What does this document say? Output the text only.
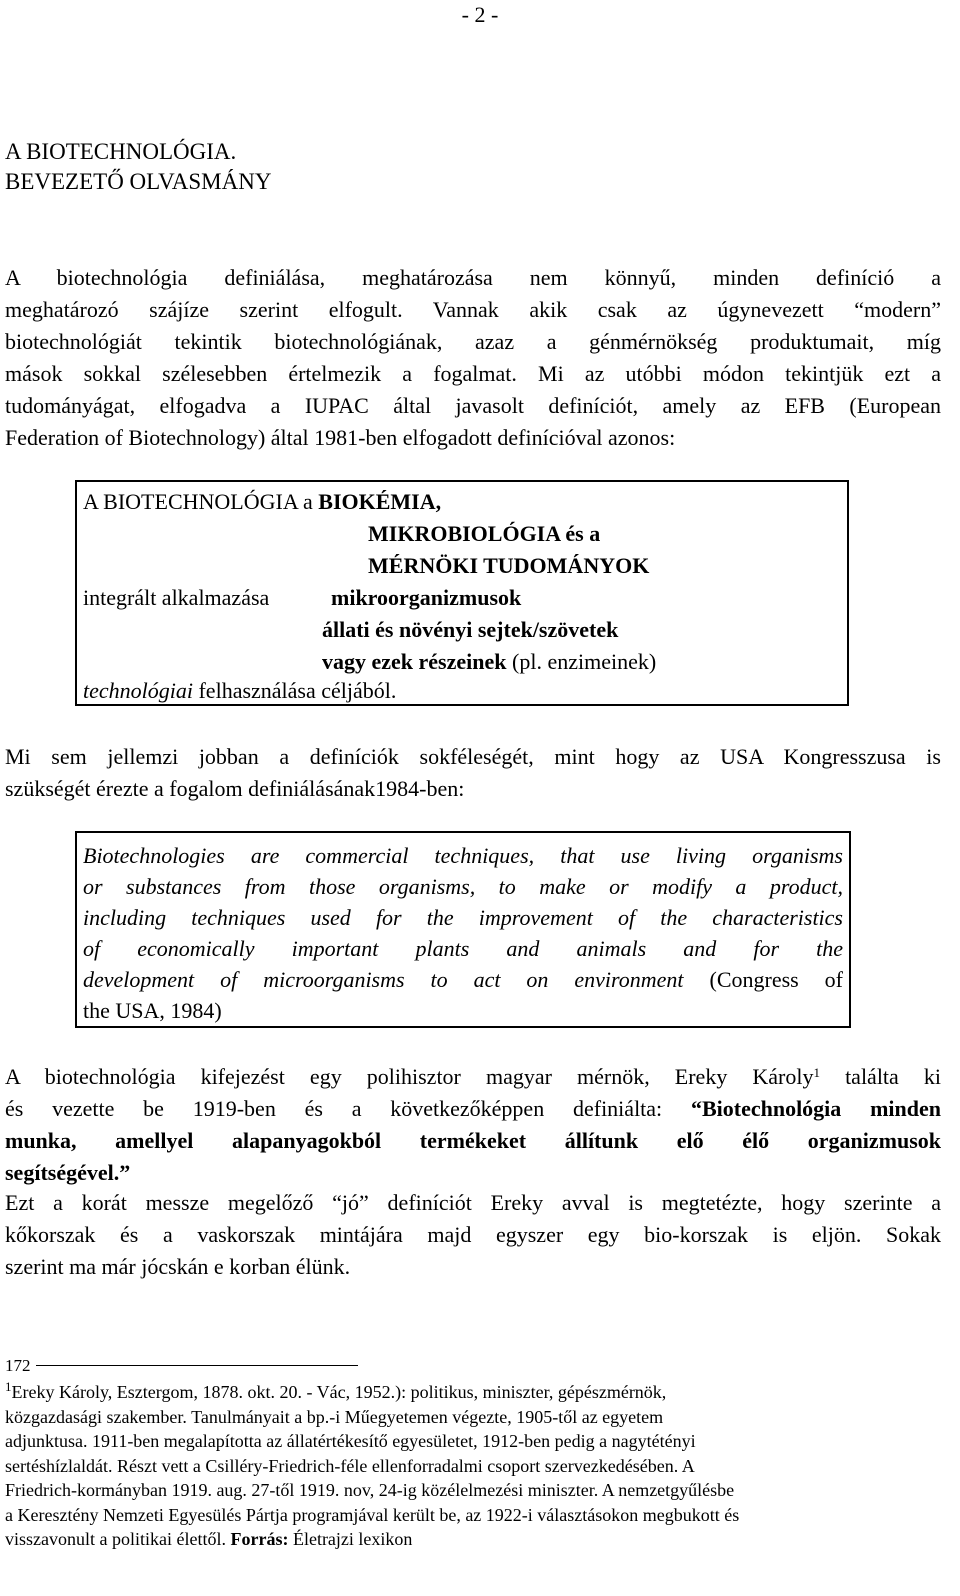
- 2 -
A BIOTECHNOLÓGIA.
BEVEZETŐ OLVASMÁNY
A biotechnológia definiálása, meghatározása nem könnyű, minden definíció a
meghatározó szájíze szerint elfogult. Vannak akik csak az úgynevezett “modern”
biotechnológiát tekintik biotechnológiának, azaz a génmérnökség produktumait, míg
mások sokkal szélesebben értelmezik a fogalmat. Mi az utóbbi módon tekintjük ezt a
tudományágat, elfogadva a IUPAC által javasolt definíciót, amely az EFB (European
Federation of Biotechnology) által 1981-ben elfogadott definícióval azonos:
A BIOTECHNOLÓGIA a BIOKÉMIA,
MIKROBIOLÓGIA és a
MÉRNÖKI TUDOMÁNYOK
integrált alkalmazása	mikroorganizmusok
állati és növényi sejtek/szövetek
vagy ezek részeinek (pl. enzimeinek)
technológiai felhasználása céljából.
Mi sem jellemzi jobban a definíciók sokféleségét, mint hogy az USA Kongresszusa is
szükségét érezte a fogalom definiálásának1984-ben:
Biotechnologies are commercial techniques, that use living organisms
or substances from those organisms, to make or modify a product,
including techniques used for the improvement of the characteristics
of economically important plants and animals and for the
development of microorganisms to act on environment (Congress of
the USA, 1984)
A biotechnológia kifejezést egy polihisztor magyar mérnök, Ereky Károly$^1$ találta ki
és vezette be 1919-ben és a következőképpen definiálta: “Biotechnológia minden
munka, amellyel alapanyagokból termékeket állítunk elő élő organizmusok
segítségével.”
Ezt a korát messze megelőző “jó” definíciót Ereky avval is megtetézte, hogy szerinte a
kőkorszak és a vaskorszak mintájára majd egyszer egy bio-korszak is eljön. Sokak
szerint ma már jócskán e korban élünk.
172
$^1$Ereky Károly, Esztergom, 1878. okt. 20. - Vác, 1952.): politikus, miniszter, gépészmérnök,
közgazdasági szakember. Tanulmányait a bp.-i Műegyetemen végezte, 1905-től az egyetem
adjunktusa. 1911-ben megalapította az állatértékesítő egyesületet, 1912-ben pedig a nagytétényi
sertéshízlaldát. Részt vett a Csilléry-Friedrich-féle ellenforradalmi csoport szervezkedésében. A
Friedrich-kormányban 1919. aug. 27-től 1919. nov, 24-ig közélelmezési miniszter. A nemzetgyűlésbe
a Keresztény Nemzeti Egyesülés Pártja programjával került be, az 1922-i választásokon megbukott és
visszavonult a politikai élettől. Forrás: Életrajzi lexikon
